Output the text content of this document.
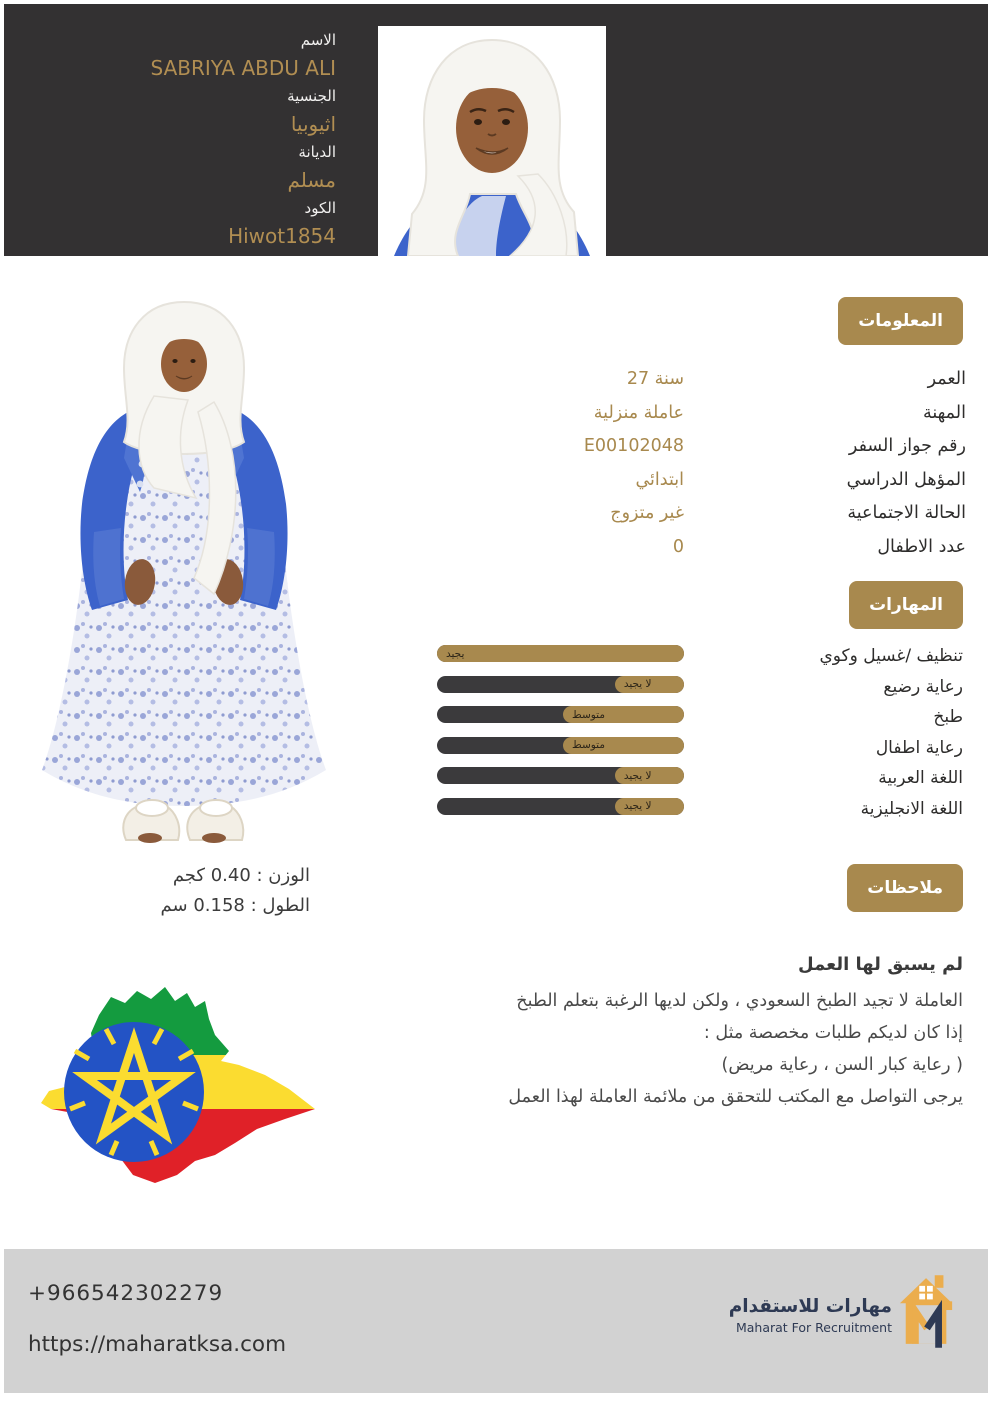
الاسم
SABRIYA ABDU ALI
الجنسية
اثيوبيا
الديانة
مسلم
الكود
Hiwot1854
المعلومات
العمر
المهنة
رقم جواز السفر
المؤهل الدراسي
الحالة الاجتماعية
عدد الاطفال
27 سنة
عاملة منزلية
E00102048
ابتدائي
غير متزوج
0
المهارات
تنظيف /غسيل وكوي
رعاية رضيع
طبخ
رعاية اطفال
اللغة العربية
اللغة الانجليزية
يجيد
لا يجيد
متوسط
متوسط
لا يجيد
لا يجيد
الوزن : 0.40 كجم
الطول : 0.158 سم
ملاحظات
لم يسبق لها العمل
العاملة لا تجيد الطبخ السعودي ، ولكن لديها الرغبة بتعلم الطبخ
إذا كان لديكم طلبات مخصصة مثل :
( رعاية كبار السن ، رعاية مريض)
يرجى التواصل مع المكتب للتحقق من ملائمة العاملة لهذا العمل
+966542302279
https://maharatksa.com
مهارات للاستقدام
Maharat For Recruitment
